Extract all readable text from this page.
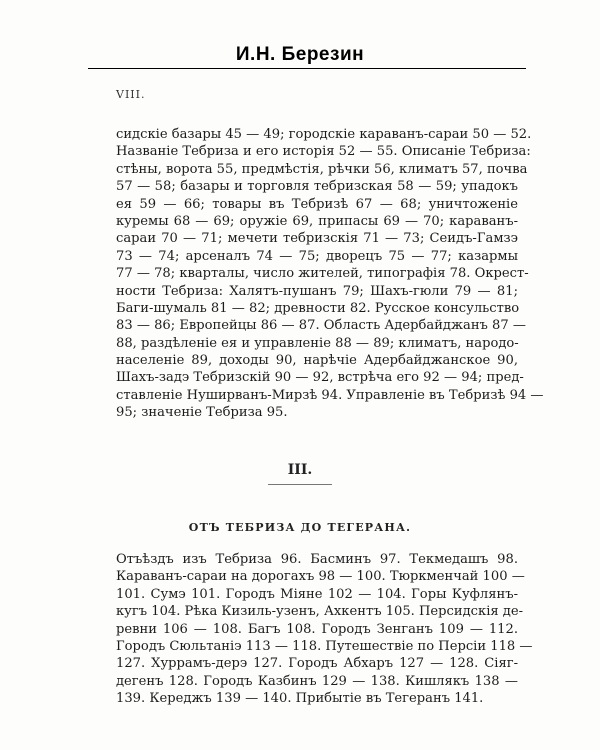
И.Н. Березин
VIII.
сидскіе базары 45 — 49; городскіе караванъ-сараи 50 — 52.
Названіе Тебриза и его исторія 52 — 55. Описаніе Тебриза:
стѣны, ворота 55, предмѣстія, рѣчки 56, климатъ 57, почва
57 — 58; базары и торговля тебризская 58 — 59; упадокъ
ея 59 — 66; товары въ Тебризѣ 67 — 68; уничтоженіе
куремы 68 — 69; оружіе 69, припасы 69 — 70; караванъ-
сараи 70 — 71; мечети тебризскія 71 — 73; Сеидъ-Гамзэ
73 — 74; арсеналъ 74 — 75; дворецъ 75 — 77; казармы
77 — 78; кварталы, число жителей, типографія 78. Окрест-
ности Тебриза: Халятъ-пушанъ 79; Шахъ-гюли 79 — 81;
Баги-шумаль 81 — 82; древности 82. Русское консульство
83 — 86; Европейцы 86 — 87. Область Адербайджанъ 87 —
88, раздѣленіе ея и управленіе 88 — 89; климатъ, народо-
населеніе 89, доходы 90, нарѣчіе Адербайджанское 90,
Шахъ-задэ Тебризскій 90 — 92, встрѣча его 92 — 94; пред-
ставленіе Нуширванъ-Мирзѣ 94. Управленіе въ Тебризѣ 94 —
95; значеніе Тебриза 95.
III.
ОТЪ ТЕБРИЗА ДО ТЕГЕРАНА.
Отъѣздъ изъ Тебриза 96. Басминъ 97. Текмедашъ 98.
Караванъ-сараи на дорогахъ 98 — 100. Тюркменчай 100 —
101. Сумэ 101. Городъ Міяне 102 — 104. Горы Куфлянъ-
кугъ 104. Рѣка Кизиль-узенъ, Ахкентъ 105. Персидскія де-
ревни 106 — 108. Багъ 108. Городъ Зенганъ 109 — 112.
Городъ Сюльтаніэ 113 — 118. Путешествіе по Персіи 118 —
127. Хуррамъ-дерэ 127. Городъ Абхаръ 127 — 128. Сіяг-
дегенъ 128. Городъ Казбинъ 129 — 138. Кишлякъ 138 —
139. Кереджъ 139 — 140. Прибытіе въ Тегеранъ 141.
